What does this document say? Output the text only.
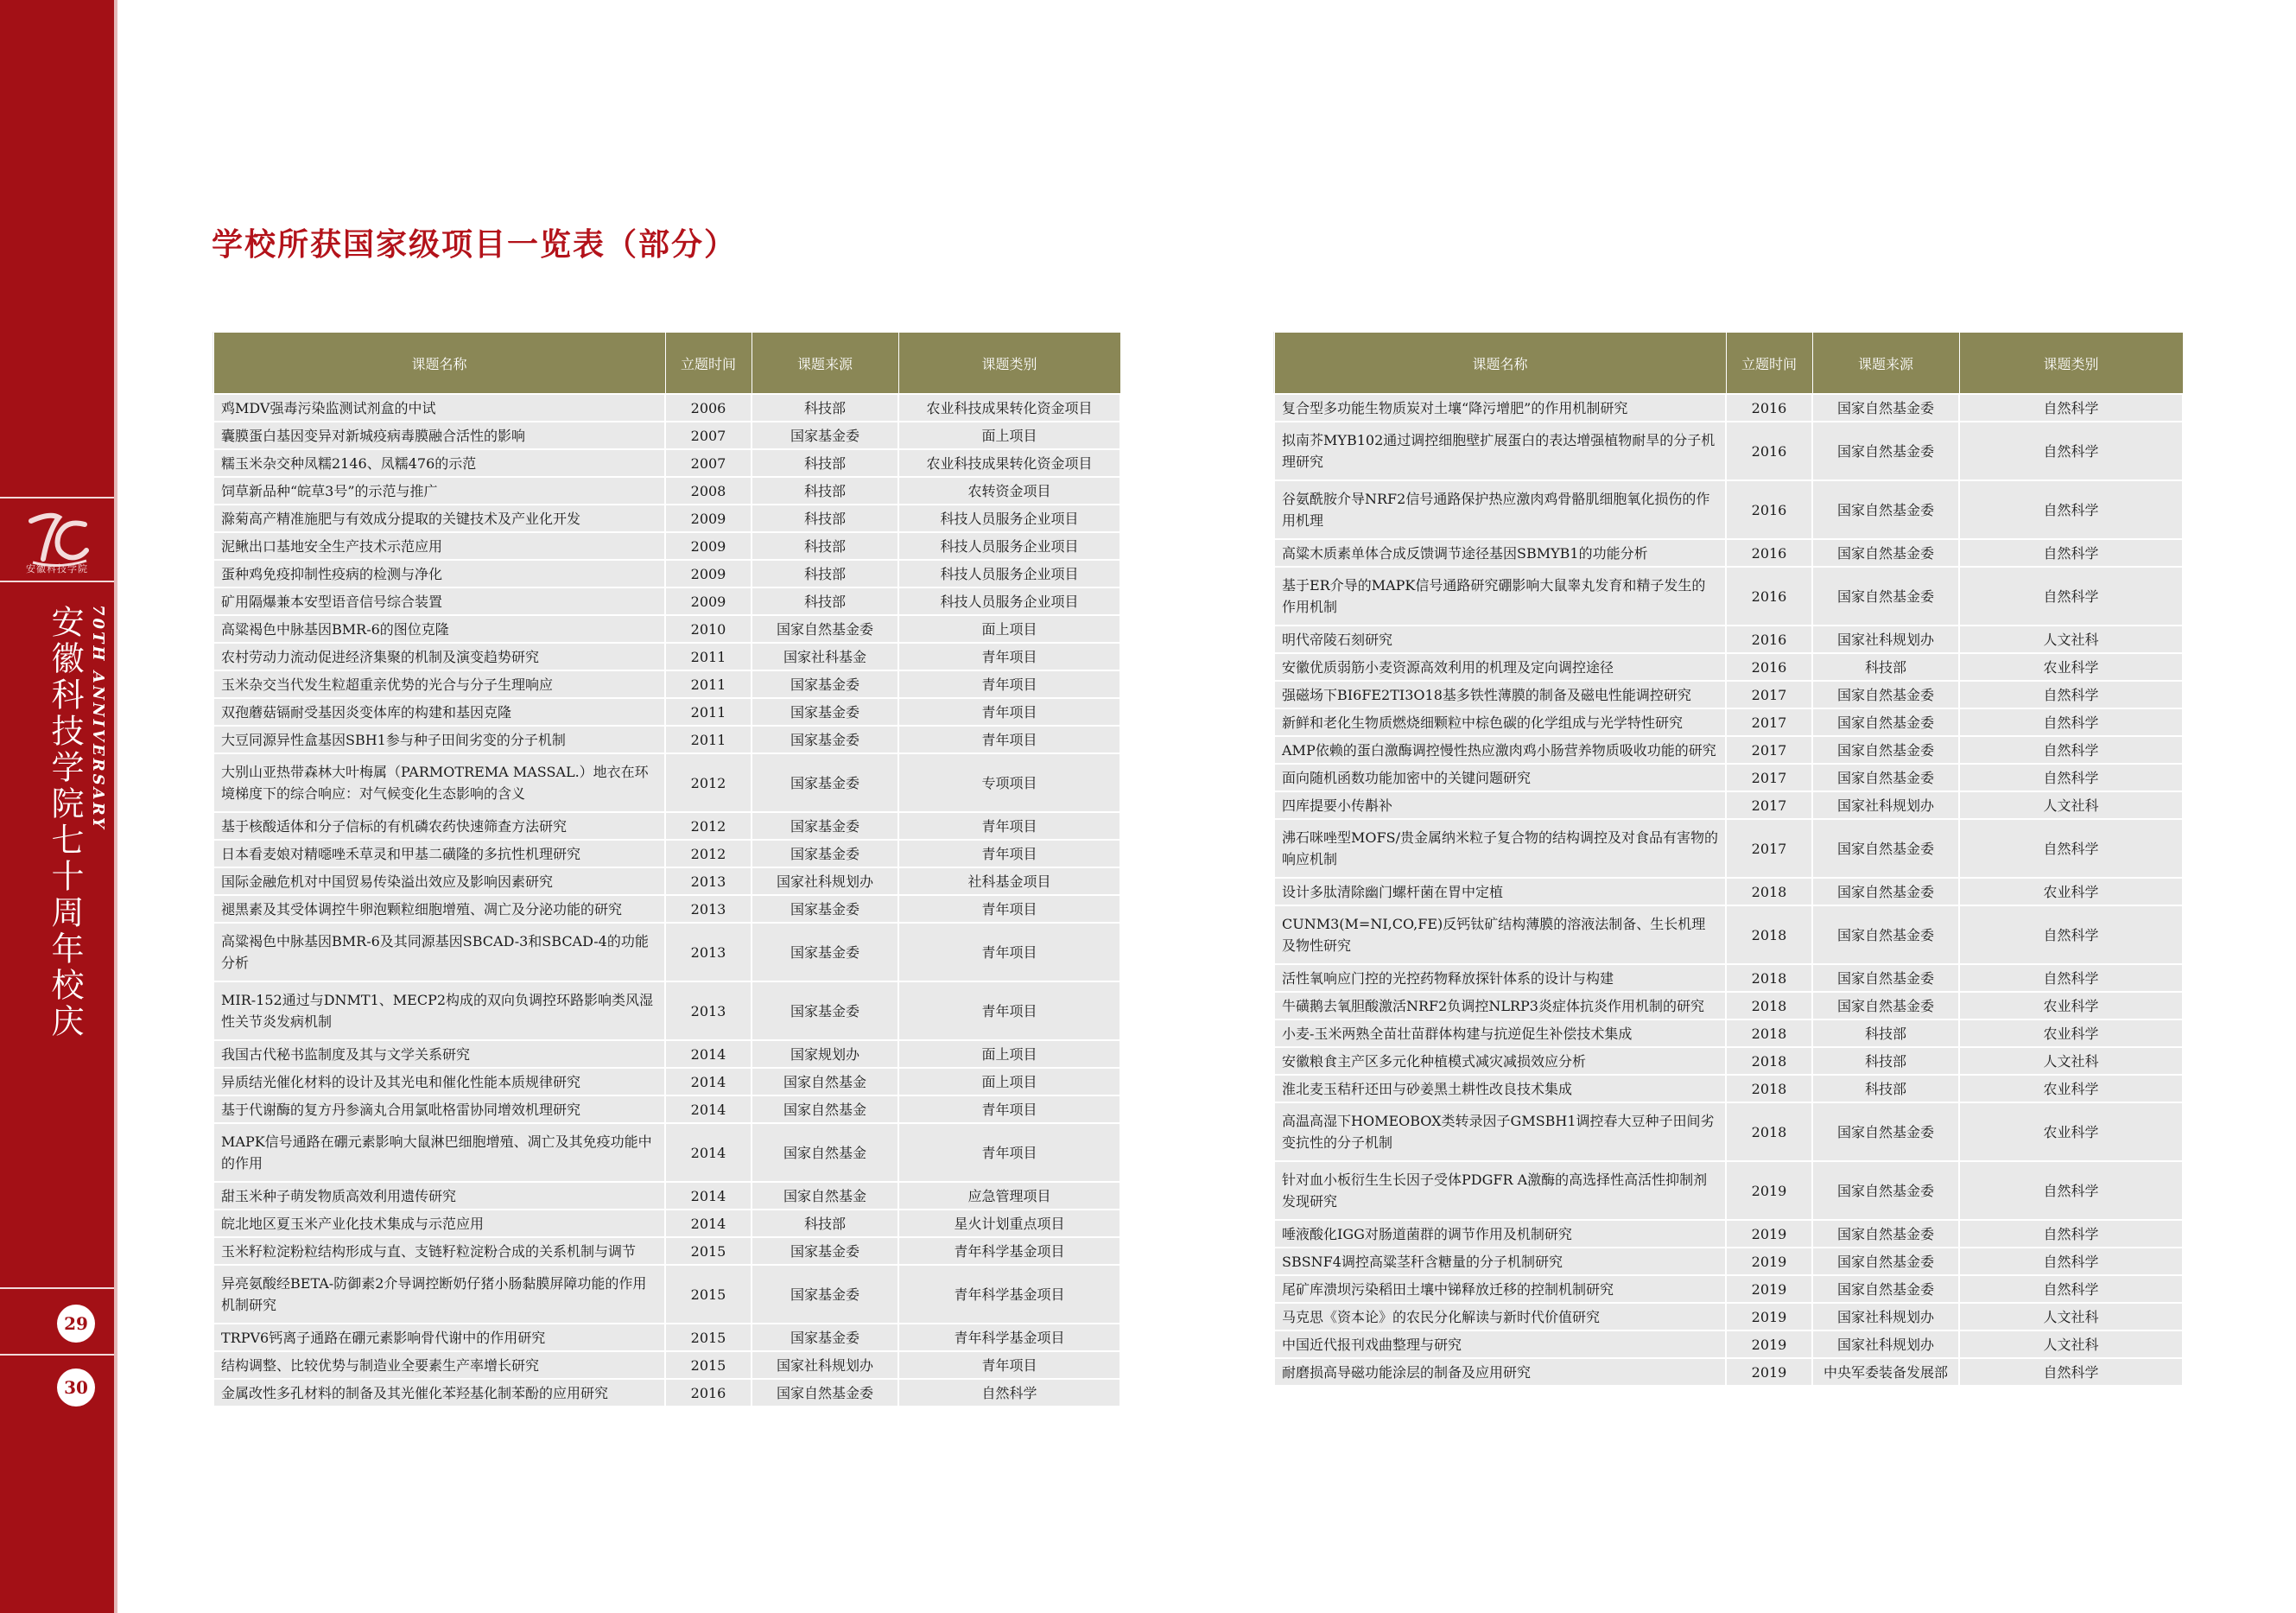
安徽科技学院
安徽科技学院七十周年校庆 70TH ANNIVERSARY
29
30
学校所获国家级项目一览表（部分）
课题名称	立题时间	课题来源	课题类别
鸡MDV强毒污染监测试剂盒的中试	2006	科技部	农业科技成果转化资金项目
囊膜蛋白基因变异对新城疫病毒膜融合活性的影响	2007	国家基金委	面上项目
糯玉米杂交种凤糯2146、凤糯476的示范	2007	科技部	农业科技成果转化资金项目
饲草新品种“皖草3号”的示范与推广	2008	科技部	农转资金项目
滁菊高产精准施肥与有效成分提取的关键技术及产业化开发	2009	科技部	科技人员服务企业项目
泥鳅出口基地安全生产技术示范应用	2009	科技部	科技人员服务企业项目
蛋种鸡免疫抑制性疫病的检测与净化	2009	科技部	科技人员服务企业项目
矿用隔爆兼本安型语音信号综合装置	2009	科技部	科技人员服务企业项目
高粱褐色中脉基因BMR-6的图位克隆	2010	国家自然基金委	面上项目
农村劳动力流动促进经济集聚的机制及演变趋势研究	2011	国家社科基金	青年项目
玉米杂交当代发生粒超重亲优势的光合与分子生理响应	2011	国家基金委	青年项目
双孢蘑菇镉耐受基因炎变体库的构建和基因克隆	2011	国家基金委	青年项目
大豆同源异性盒基因SBH1参与种子田间劣变的分子机制	2011	国家基金委	青年项目
大别山亚热带森林大叶梅属（PARMOTREMA MASSAL.）地衣在环境梯度下的综合响应：对气候变化生态影响的含义	2012	国家基金委	专项项目
基于核酸适体和分子信标的有机磷农药快速筛查方法研究	2012	国家基金委	青年项目
日本看麦娘对精噁唑禾草灵和甲基二磺隆的多抗性机理研究	2012	国家基金委	青年项目
国际金融危机对中国贸易传染溢出效应及影响因素研究	2013	国家社科规划办	社科基金项目
褪黑素及其受体调控牛卵泡颗粒细胞增殖、凋亡及分泌功能的研究	2013	国家基金委	青年项目
高粱褐色中脉基因BMR-6及其同源基因SBCAD-3和SBCAD-4的功能分析	2013	国家基金委	青年项目
MIR-152通过与DNMT1、MECP2构成的双向负调控环路影响类风湿性关节炎发病机制	2013	国家基金委	青年项目
我国古代秘书监制度及其与文学关系研究	2014	国家规划办	面上项目
异质结光催化材料的设计及其光电和催化性能本质规律研究	2014	国家自然基金	面上项目
基于代谢酶的复方丹参滴丸合用氯吡格雷协同增效机理研究	2014	国家自然基金	青年项目
MAPK信号通路在硼元素影响大鼠淋巴细胞增殖、凋亡及其免疫功能中的作用	2014	国家自然基金	青年项目
甜玉米种子萌发物质高效利用遗传研究	2014	国家自然基金	应急管理项目
皖北地区夏玉米产业化技术集成与示范应用	2014	科技部	星火计划重点项目
玉米籽粒淀粉粒结构形成与直、支链籽粒淀粉合成的关系机制与调节	2015	国家基金委	青年科学基金项目
异亮氨酸经BETA-防御素2介导调控断奶仔猪小肠黏膜屏障功能的作用机制研究	2015	国家基金委	青年科学基金项目
TRPV6钙离子通路在硼元素影响骨代谢中的作用研究	2015	国家基金委	青年科学基金项目
结构调整、比较优势与制造业全要素生产率增长研究	2015	国家社科规划办	青年项目
金属改性多孔材料的制备及其光催化苯羟基化制苯酚的应用研究	2016	国家自然基金委	自然科学
课题名称	立题时间	课题来源	课题类别
复合型多功能生物质炭对土壤“降污增肥”的作用机制研究	2016	国家自然基金委	自然科学
拟南芥MYB102通过调控细胞壁扩展蛋白的表达增强植物耐旱的分子机理研究	2016	国家自然基金委	自然科学
谷氨酰胺介导NRF2信号通路保护热应激肉鸡骨骼肌细胞氧化损伤的作用机理	2016	国家自然基金委	自然科学
高粱木质素单体合成反馈调节途径基因SBMYB1的功能分析	2016	国家自然基金委	自然科学
基于ER介导的MAPK信号通路研究硼影响大鼠睾丸发育和精子发生的作用机制	2016	国家自然基金委	自然科学
明代帝陵石刻研究	2016	国家社科规划办	人文社科
安徽优质弱筋小麦资源高效利用的机理及定向调控途径	2016	科技部	农业科学
强磁场下BI6FE2TI3O18基多铁性薄膜的制备及磁电性能调控研究	2017	国家自然基金委	自然科学
新鲜和老化生物质燃烧细颗粒中棕色碳的化学组成与光学特性研究	2017	国家自然基金委	自然科学
AMP依赖的蛋白激酶调控慢性热应激肉鸡小肠营养物质吸收功能的研究	2017	国家自然基金委	自然科学
面向随机函数功能加密中的关键问题研究	2017	国家自然基金委	自然科学
四库提要小传斠补	2017	国家社科规划办	人文社科
沸石咪唑型MOFS/贵金属纳米粒子复合物的结构调控及对食品有害物的响应机制	2017	国家自然基金委	自然科学
设计多肽清除幽门螺杆菌在胃中定植	2018	国家自然基金委	农业科学
CUNM3(M=NI,CO,FE)反钙钛矿结构薄膜的溶液法制备、生长机理及物性研究	2018	国家自然基金委	自然科学
活性氧响应门控的光控药物释放探针体系的设计与构建	2018	国家自然基金委	自然科学
牛磺鹅去氧胆酸激活NRF2负调控NLRP3炎症体抗炎作用机制的研究	2018	国家自然基金委	农业科学
小麦-玉米两熟全苗壮苗群体构建与抗逆促生补偿技术集成	2018	科技部	农业科学
安徽粮食主产区多元化种植模式减灾减损效应分析	2018	科技部	人文社科
淮北麦玉秸秆还田与砂姜黑土耕性改良技术集成	2018	科技部	农业科学
高温高湿下HOMEOBOX类转录因子GMSBH1调控春大豆种子田间劣变抗性的分子机制	2018	国家自然基金委	农业科学
针对血小板衍生生长因子受体PDGFR A激酶的高选择性高活性抑制剂发现研究	2019	国家自然基金委	自然科学
唾液酸化IGG对肠道菌群的调节作用及机制研究	2019	国家自然基金委	自然科学
SBSNF4调控高粱茎秆含糖量的分子机制研究	2019	国家自然基金委	自然科学
尾矿库溃坝污染稻田土壤中锑释放迁移的控制机制研究	2019	国家自然基金委	自然科学
马克思《资本论》的农民分化解读与新时代价值研究	2019	国家社科规划办	人文社科
中国近代报刊戏曲整理与研究	2019	国家社科规划办	人文社科
耐磨损高导磁功能涂层的制备及应用研究	2019	中央军委装备发展部	自然科学
